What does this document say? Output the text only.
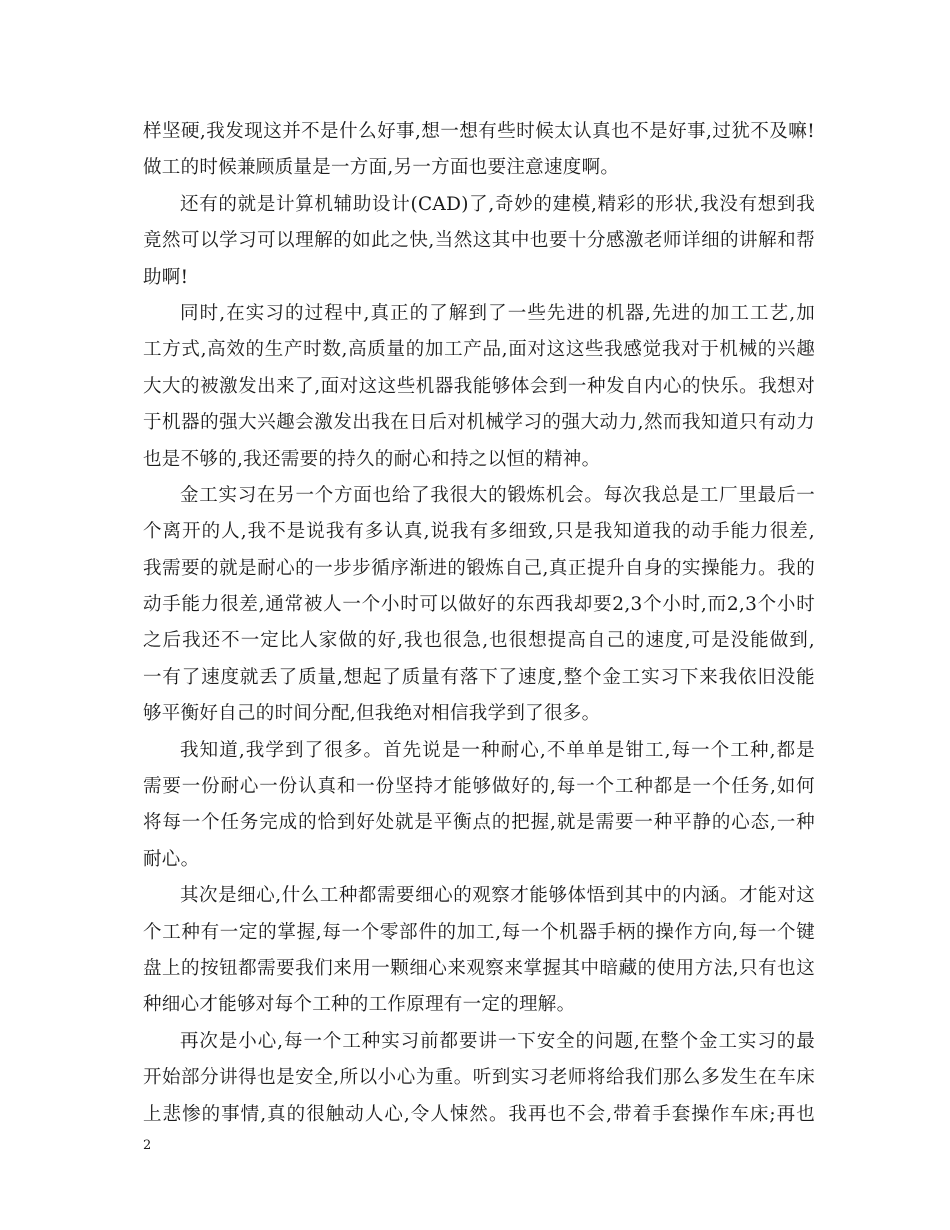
样坚硬,我发现这并不是什么好事,想一想有些时候太认真也不是好事,过犹不及嘛!
做工的时候兼顾质量是一方面,另一方面也要注意速度啊。
还有的就是计算机辅助设计(CAD)了,奇妙的建模,精彩的形状,我没有想到我
竟然可以学习可以理解的如此之快,当然这其中也要十分感激老师详细的讲解和帮
助啊!
同时,在实习的过程中,真正的了解到了一些先进的机器,先进的加工工艺,加
工方式,高效的生产时数,高质量的加工产品,面对这这些我感觉我对于机械的兴趣
大大的被激发出来了,面对这这些机器我能够体会到一种发自内心的快乐。我想对
于机器的强大兴趣会激发出我在日后对机械学习的强大动力,然而我知道只有动力
也是不够的,我还需要的持久的耐心和持之以恒的精神。
金工实习在另一个方面也给了我很大的锻炼机会。每次我总是工厂里最后一
个离开的人,我不是说我有多认真,说我有多细致,只是我知道我的动手能力很差,
我需要的就是耐心的一步步循序渐进的锻炼自己,真正提升自身的实操能力。我的
动手能力很差,通常被人一个小时可以做好的东西我却要2,3个小时,而2,3个小时
之后我还不一定比人家做的好,我也很急,也很想提高自己的速度,可是没能做到,
一有了速度就丢了质量,想起了质量有落下了速度,整个金工实习下来我依旧没能
够平衡好自己的时间分配,但我绝对相信我学到了很多。
我知道,我学到了很多。首先说是一种耐心,不单单是钳工,每一个工种,都是
需要一份耐心一份认真和一份坚持才能够做好的,每一个工种都是一个任务,如何
将每一个任务完成的恰到好处就是平衡点的把握,就是需要一种平静的心态,一种
耐心。
其次是细心,什么工种都需要细心的观察才能够体悟到其中的内涵。才能对这
个工种有一定的掌握,每一个零部件的加工,每一个机器手柄的操作方向,每一个键
盘上的按钮都需要我们来用一颗细心来观察来掌握其中暗藏的使用方法,只有也这
种细心才能够对每个工种的工作原理有一定的理解。
再次是小心,每一个工种实习前都要讲一下安全的问题,在整个金工实习的最
开始部分讲得也是安全,所以小心为重。听到实习老师将给我们那么多发生在车床
上悲惨的事情,真的很触动人心,令人悚然。我再也不会,带着手套操作车床;再也
2
